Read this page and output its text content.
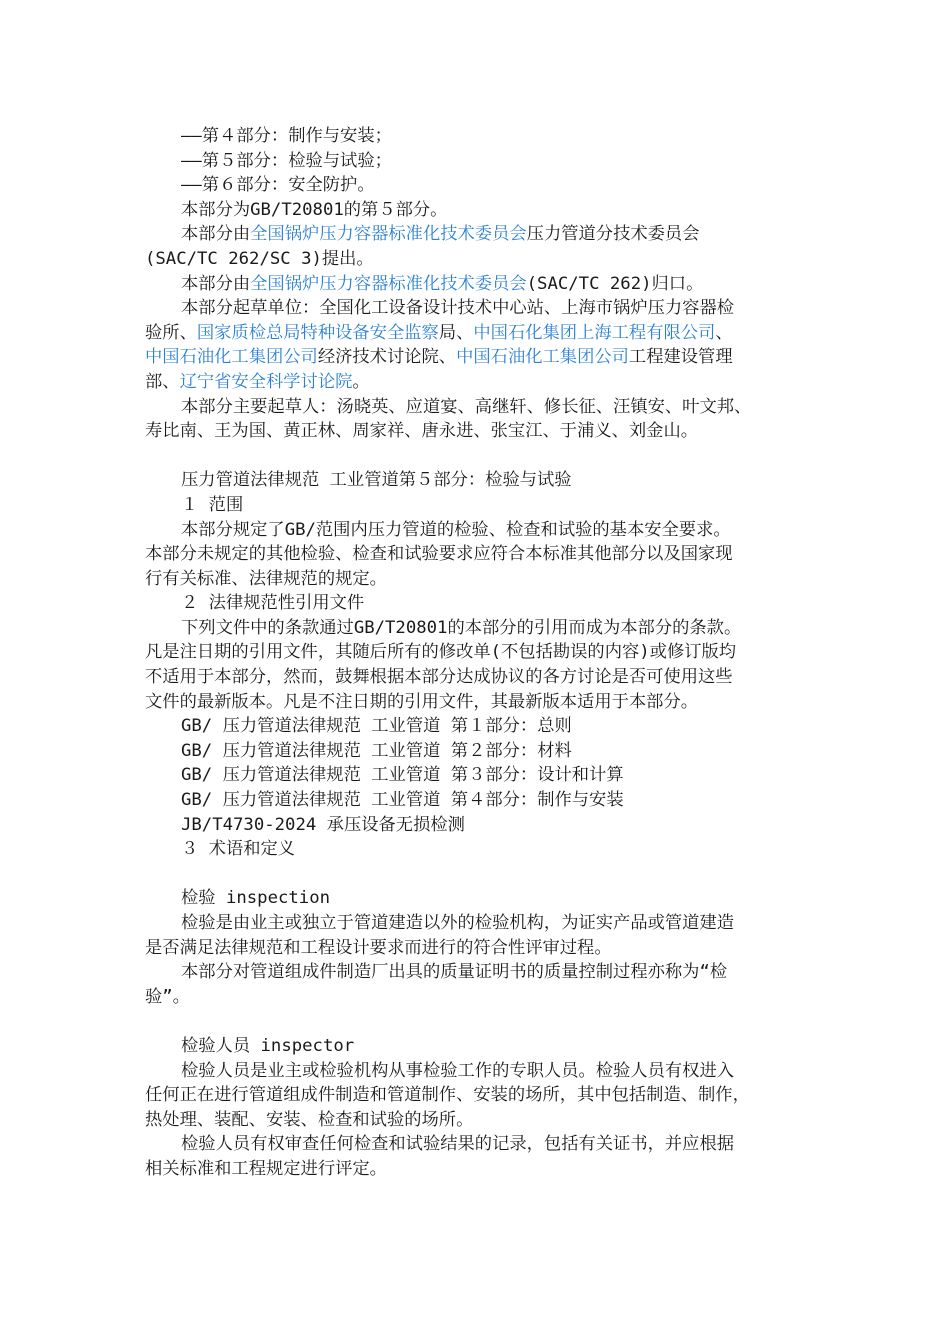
——第４部分：制作与安装；

——第５部分：检验与试验；

——第６部分：安全防护。

本部分为GB/T20801的第５部分。

本部分由全国锅炉压力容器标准化技术委员会压力管道分技术委员会

(SAC/TC 262/SC 3)提出。

本部分由全国锅炉压力容器标准化技术委员会(SAC/TC 262)归口。

本部分起草单位：全国化工设备设计技术中心站、上海市锅炉压力容器检

验所、国家质检总局特种设备安全监察局、中国石化集团上海工程有限公司、

中国石油化工集团公司经济技术讨论院、中国石油化工集团公司工程建设管理

部、辽宁省安全科学讨论院。

本部分主要起草人：汤晓英、应道宴、高继轩、修长征、汪镇安、叶文邦、

寿比南、王为国、黄正林、周家祥、唐永进、张宝江、于浦义、刘金山。

压力管道法律规范 工业管道第５部分：检验与试验

１ 范围

本部分规定了GB/范围内压力管道的检验、检查和试验的基本安全要求。

本部分未规定的其他检验、检查和试验要求应符合本标准其他部分以及国家现

行有关标准、法律规范的规定。

２ 法律规范性引用文件

下列文件中的条款通过GB/T20801的本部分的引用而成为本部分的条款。

凡是注日期的引用文件，其随后所有的修改单(不包括勘误的内容)或修订版均

不适用于本部分，然而，鼓舞根据本部分达成协议的各方讨论是否可使用这些

文件的最新版本。凡是不注日期的引用文件，其最新版本适用于本部分。

GB/ 压力管道法律规范 工业管道 第１部分：总则

GB/ 压力管道法律规范 工业管道 第２部分：材料

GB/ 压力管道法律规范 工业管道 第３部分：设计和计算

GB/ 压力管道法律规范 工业管道 第４部分：制作与安装

JB/T4730-2024 承压设备无损检测

３ 术语和定义

检验 inspection

检验是由业主或独立于管道建造以外的检验机构，为证实产品或管道建造

是否满足法律规范和工程设计要求而进行的符合性评审过程。

本部分对管道组成件制造厂出具的质量证明书的质量控制过程亦称为“检

验”。

检验人员 inspector

检验人员是业主或检验机构从事检验工作的专职人员。检验人员有权进入

任何正在进行管道组成件制造和管道制作、安装的场所，其中包括制造、制作，

热处理、装配、安装、检查和试验的场所。

检验人员有权审查任何检查和试验结果的记录，包括有关证书，并应根据

相关标准和工程规定进行评定。
